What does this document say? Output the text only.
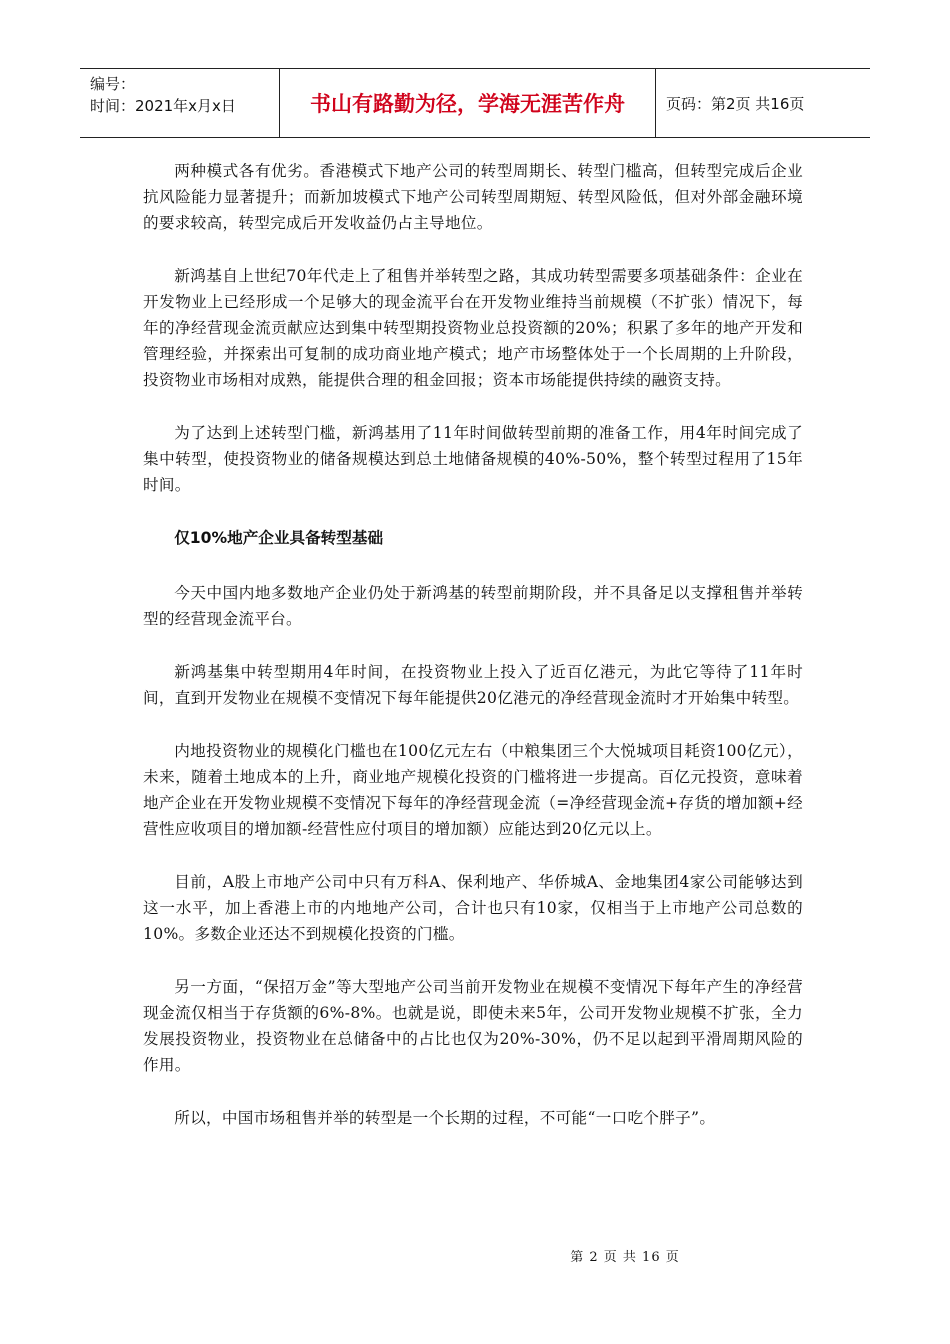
编号：
时间：2021年x月x日	书山有路勤为径，学海无涯苦作舟	页码：第2页 共16页

两种模式各有优劣。香港模式下地产公司的转型周期长、转型门槛高，但转型完成后企业抗风险能力显著提升；而新加坡模式下地产公司转型周期短、转型风险低，但对外部金融环境的要求较高，转型完成后开发收益仍占主导地位。

新鸿基自上世纪70年代走上了租售并举转型之路，其成功转型需要多项基础条件：企业在开发物业上已经形成一个足够大的现金流平台在开发物业维持当前规模（不扩张）情况下，每年的净经营现金流贡献应达到集中转型期投资物业总投资额的20%；积累了多年的地产开发和管理经验，并探索出可复制的成功商业地产模式；地产市场整体处于一个长周期的上升阶段，投资物业市场相对成熟，能提供合理的租金回报；资本市场能提供持续的融资支持。

为了达到上述转型门槛，新鸿基用了11年时间做转型前期的准备工作，用4年时间完成了集中转型，使投资物业的储备规模达到总土地储备规模的40%-50%，整个转型过程用了15年时间。

仅10%地产企业具备转型基础

今天中国内地多数地产企业仍处于新鸿基的转型前期阶段，并不具备足以支撑租售并举转型的经营现金流平台。

新鸿基集中转型期用4年时间，在投资物业上投入了近百亿港元，为此它等待了11年时间，直到开发物业在规模不变情况下每年能提供20亿港元的净经营现金流时才开始集中转型。

内地投资物业的规模化门槛也在100亿元左右（中粮集团三个大悦城项目耗资100亿元），未来，随着土地成本的上升，商业地产规模化投资的门槛将进一步提高。百亿元投资，意味着地产企业在开发物业规模不变情况下每年的净经营现金流（=净经营现金流+存货的增加额+经营性应收项目的增加额-经营性应付项目的增加额）应能达到20亿元以上。

目前，A股上市地产公司中只有万科A、保利地产、华侨城A、金地集团4家公司能够达到这一水平，加上香港上市的内地地产公司，合计也只有10家，仅相当于上市地产公司总数的10%。多数企业还达不到规模化投资的门槛。

另一方面，“保招万金”等大型地产公司当前开发物业在规模不变情况下每年产生的净经营现金流仅相当于存货额的6%-8%。也就是说，即使未来5年，公司开发物业规模不扩张，全力发展投资物业，投资物业在总储备中的占比也仅为20%-30%，仍不足以起到平滑周期风险的作用。

所以，中国市场租售并举的转型是一个长期的过程，不可能“一口吃个胖子”。

第 2 页 共 16 页
